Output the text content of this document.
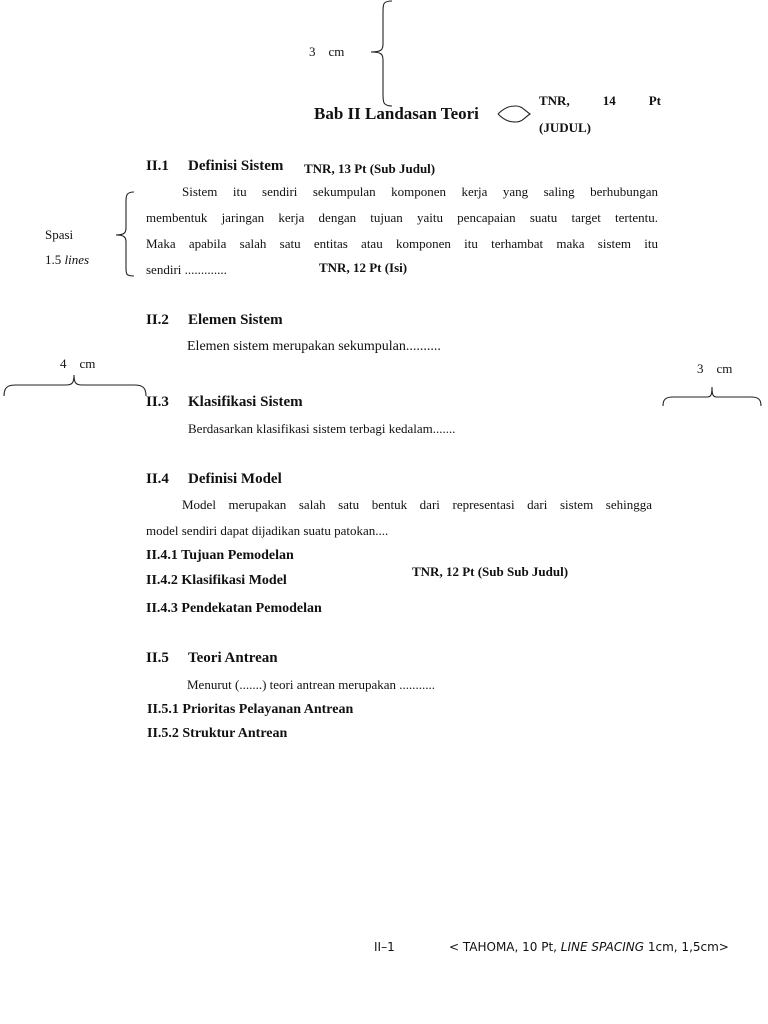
3 cm
Bab II Landasan Teori
TNR,	14	Pt
(JUDUL)
II.1 Definisi Sistem TNR, 13 Pt (Sub Judul)
Spasi
1.5 lines
Sistem itu sendiri sekumpulan komponen kerja yang saling berhubungan
membentuk jaringan kerja dengan tujuan yaitu pencapaian suatu target tertentu.
Maka apabila salah satu entitas atau komponen itu terhambat maka sistem itu
sendiri .............	TNR, 12 Pt (Isi)
II.2 Elemen Sistem
Elemen sistem merupakan sekumpulan..........
4 cm	3 cm
II.3 Klasifikasi Sistem
Berdasarkan klasifikasi sistem terbagi kedalam.......
II.4 Definisi Model
Model merupakan salah satu bentuk dari representasi dari sistem sehingga
model sendiri dapat dijadikan suatu patokan....
II.4.1 Tujuan Pemodelan
II.4.2 Klasifikasi Model
II.4.3 Pendekatan Pemodelan
TNR, 12 Pt (Sub Sub Judul)
II.5 Teori Antrean
Menurut (.......) teori antrean merupakan ...........
II.5.1 Prioritas Pelayanan Antrean
II.5.2 Struktur Antrean
II–1	< TAHOMA, 10 Pt, LINE SPACING 1cm, 1,5cm>
